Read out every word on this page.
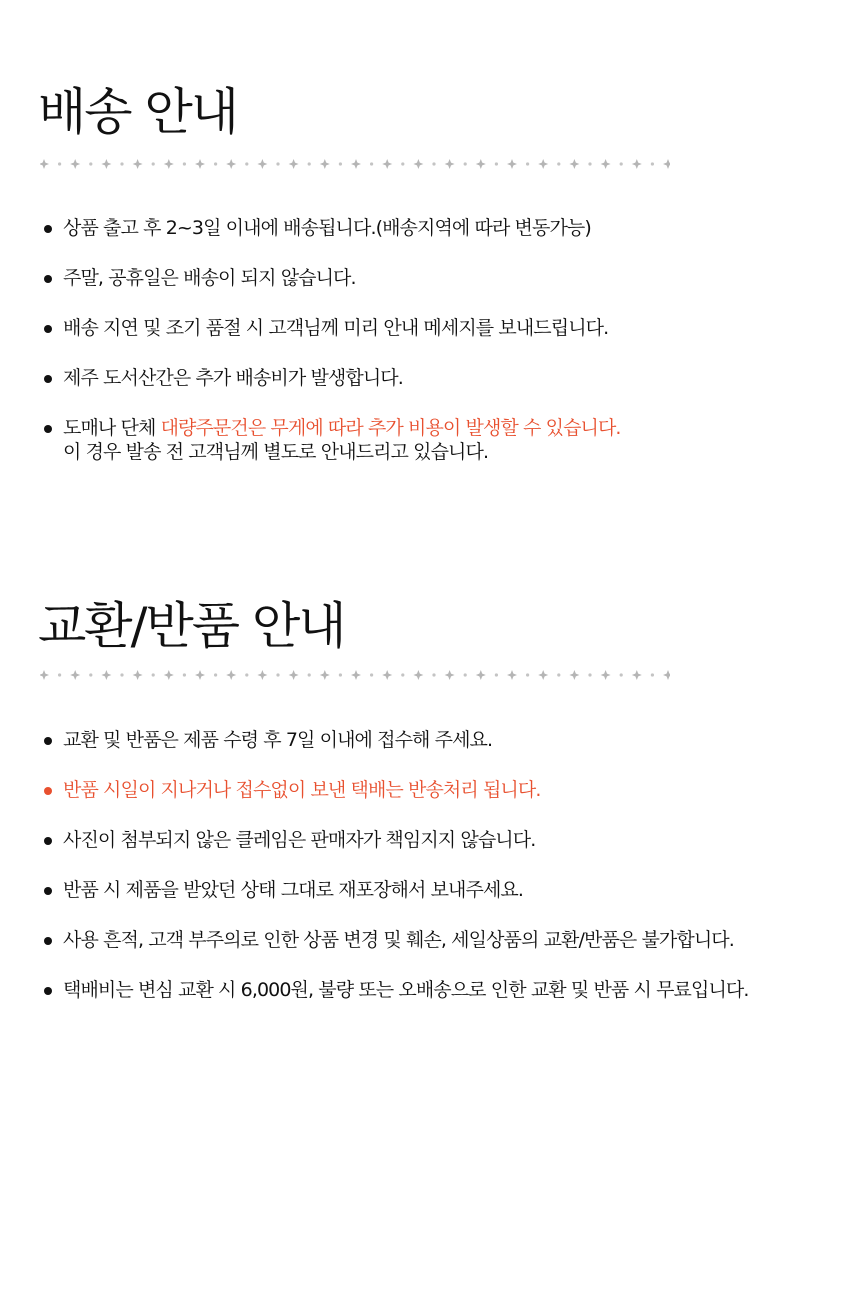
배송 안내
상품 출고 후 2~3일 이내에 배송됩니다.(배송지역에 따라 변동가능)
주말, 공휴일은 배송이 되지 않습니다.
배송 지연 및 조기 품절 시 고객님께 미리 안내 메세지를 보내드립니다.
제주 도서산간은 추가 배송비가 발생합니다.
도매나 단체 대량주문건은 무게에 따라 추가 비용이 발생할 수 있습니다.
이 경우 발송 전 고객님께 별도로 안내드리고 있습니다.
교환/반품 안내
교환 및 반품은 제품 수령 후 7일 이내에 접수해 주세요.
반품 시일이 지나거나 접수없이 보낸 택배는 반송처리 됩니다.
사진이 첨부되지 않은 클레임은 판매자가 책임지지 않습니다.
반품 시 제품을 받았던 상태 그대로 재포장해서 보내주세요.
사용 흔적, 고객 부주의로 인한 상품 변경 및 훼손, 세일상품의 교환/반품은 불가합니다.
택배비는 변심 교환 시 6,000원, 불량 또는 오배송으로 인한 교환 및 반품 시 무료입니다.
